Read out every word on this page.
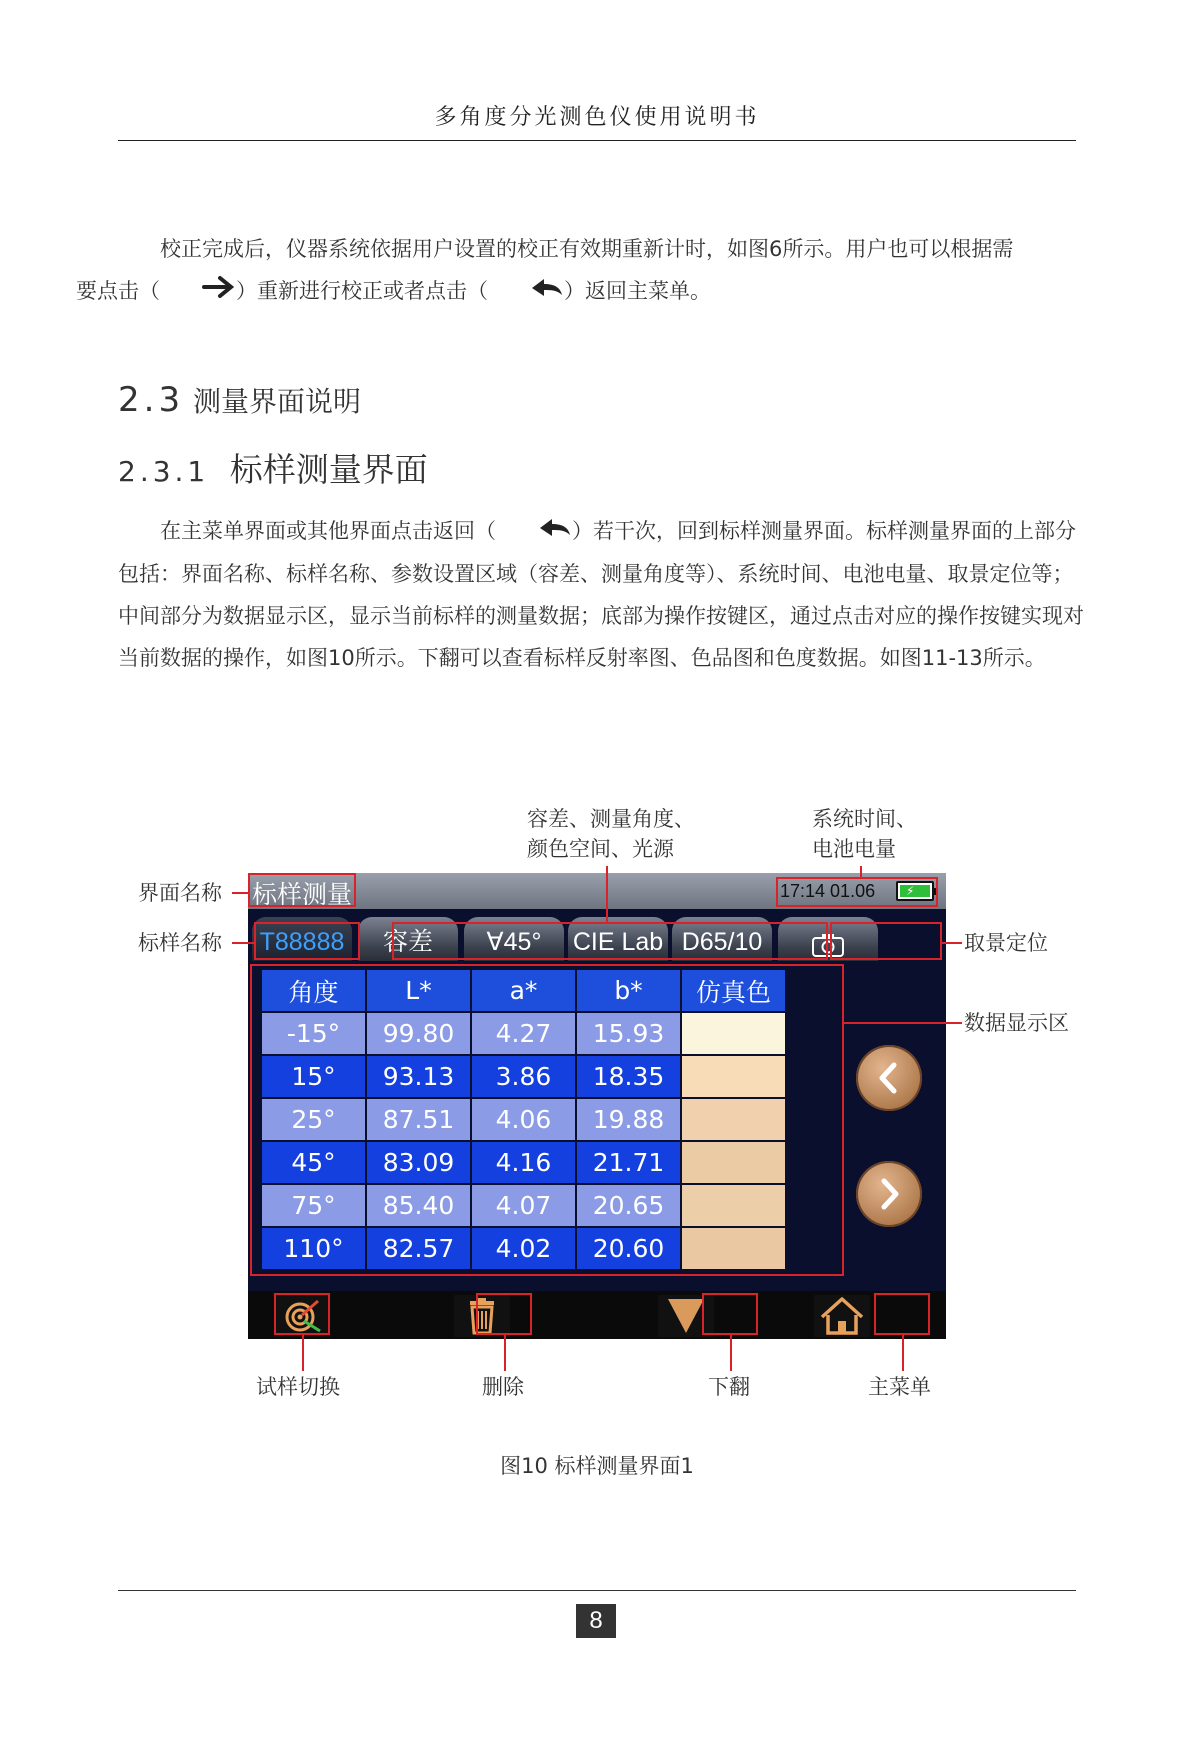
多角度分光测色仪使用说明书

校正完成后，仪器系统依据用户设置的校正有效期重新计时，如图6所示。用户也可以根据需
要点击（	）重新进行校正或者点击（	）返回主菜单。

2.3 测量界面说明
2.3.1 标样测量界面

在主菜单界面或其他界面点击返回（	）若干次，回到标样测量界面。标样测量界面的上部分包括：界面名称、标样名称、参数设置区域（容差、测量角度等）、系统时间、电池电量、取景定位等；中间部分为数据显示区，显示当前标样的测量数据；底部为操作按键区，通过点击对应的操作按键实现对当前数据的操作，如图10所示。下翻可以查看标样反射率图、色品图和色度数据。如图11-13所示。

容差、测量角度、
颜色空间、光源
系统时间、
电池电量
界面名称
标样名称	取景定位
数据显示区
试样切换	删除	下翻	主菜单
标样测量	17:14 01.06	⚡
T88888	容差	∀45°	CIE Lab D65/10
角度	L*	a*	b*	仿真色
-15°	99.80	4.27	15.93	
15°	93.13	3.86	18.35	
25°	87.51	4.06	19.88	
45°	83.09	4.16	21.71	
75°	85.40	4.07	20.65	
110°	82.57	4.02	20.60	
图10 标样测量界面1
8
